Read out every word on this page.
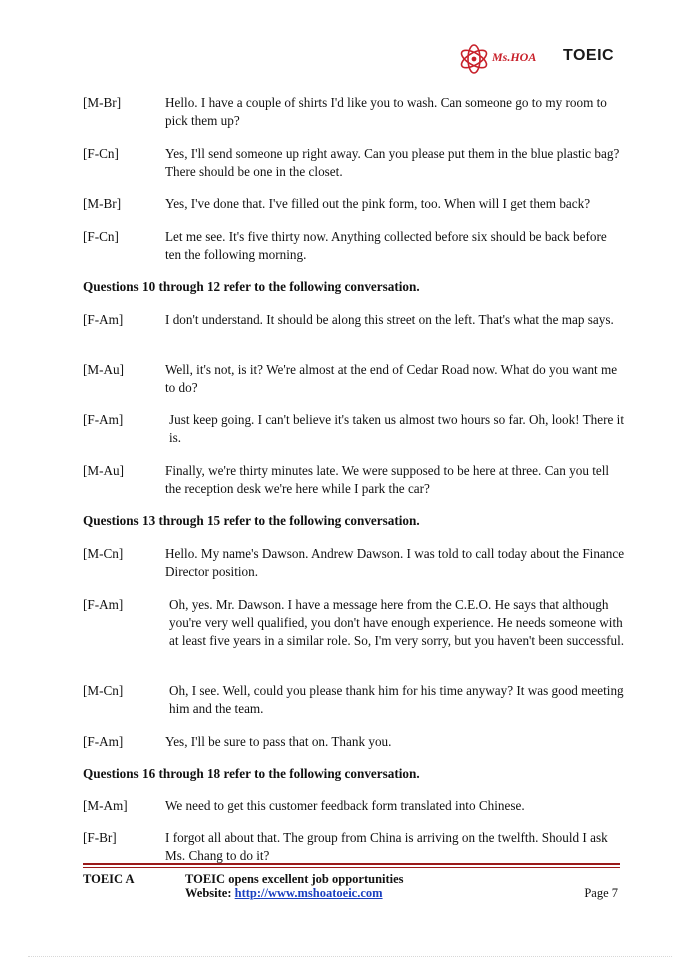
Ms.HOA TOEIC
[M-Br]	Hello. I have a couple of shirts I'd like you to wash. Can someone go to my room to pick them up?
[F-Cn]	Yes, I'll send someone up right away. Can you please put them in the blue plastic bag? There should be one in the closet.
[M-Br]	Yes, I've done that. I've filled out the pink form, too. When will I get them back?
[F-Cn]	Let me see. It's five thirty now. Anything collected before six should be back before ten the following morning.
Questions 10 through 12 refer to the following conversation.
[F-Am]	I don't understand. It should be along this street on the left. That's what the map says.
[M-Au]	Well, it's not, is it? We're almost at the end of Cedar Road now. What do you want me to do?
[F-Am]	Just keep going. I can't believe it's taken us almost two hours so far. Oh, look! There it is.
[M-Au]	Finally, we're thirty minutes late. We were supposed to be here at three. Can you tell the reception desk we're here while I park the car?
Questions 13 through 15 refer to the following conversation.
[M-Cn]	Hello. My name's Dawson. Andrew Dawson. I was told to call today about the Finance Director position.
[F-Am]	Oh, yes. Mr. Dawson. I have a message here from the C.E.O. He says that although you're very well qualified, you don't have enough experience. He needs someone with at least five years in a similar role. So, I'm very sorry, but you haven't been successful.
[M-Cn]	Oh, I see. Well, could you please thank him for his time anyway? It was good meeting him and the team.
[F-Am]	Yes, I'll be sure to pass that on. Thank you.
Questions 16 through 18 refer to the following conversation.
[M-Am]	We need to get this customer feedback form translated into Chinese.
[F-Br]	I forgot all about that. The group from China is arriving on the twelfth. Should I ask Ms. Chang to do it?
TOEIC A	TOEIC opens excellent job opportunities
Website: http://www.mshoatoeic.com	Page 7
